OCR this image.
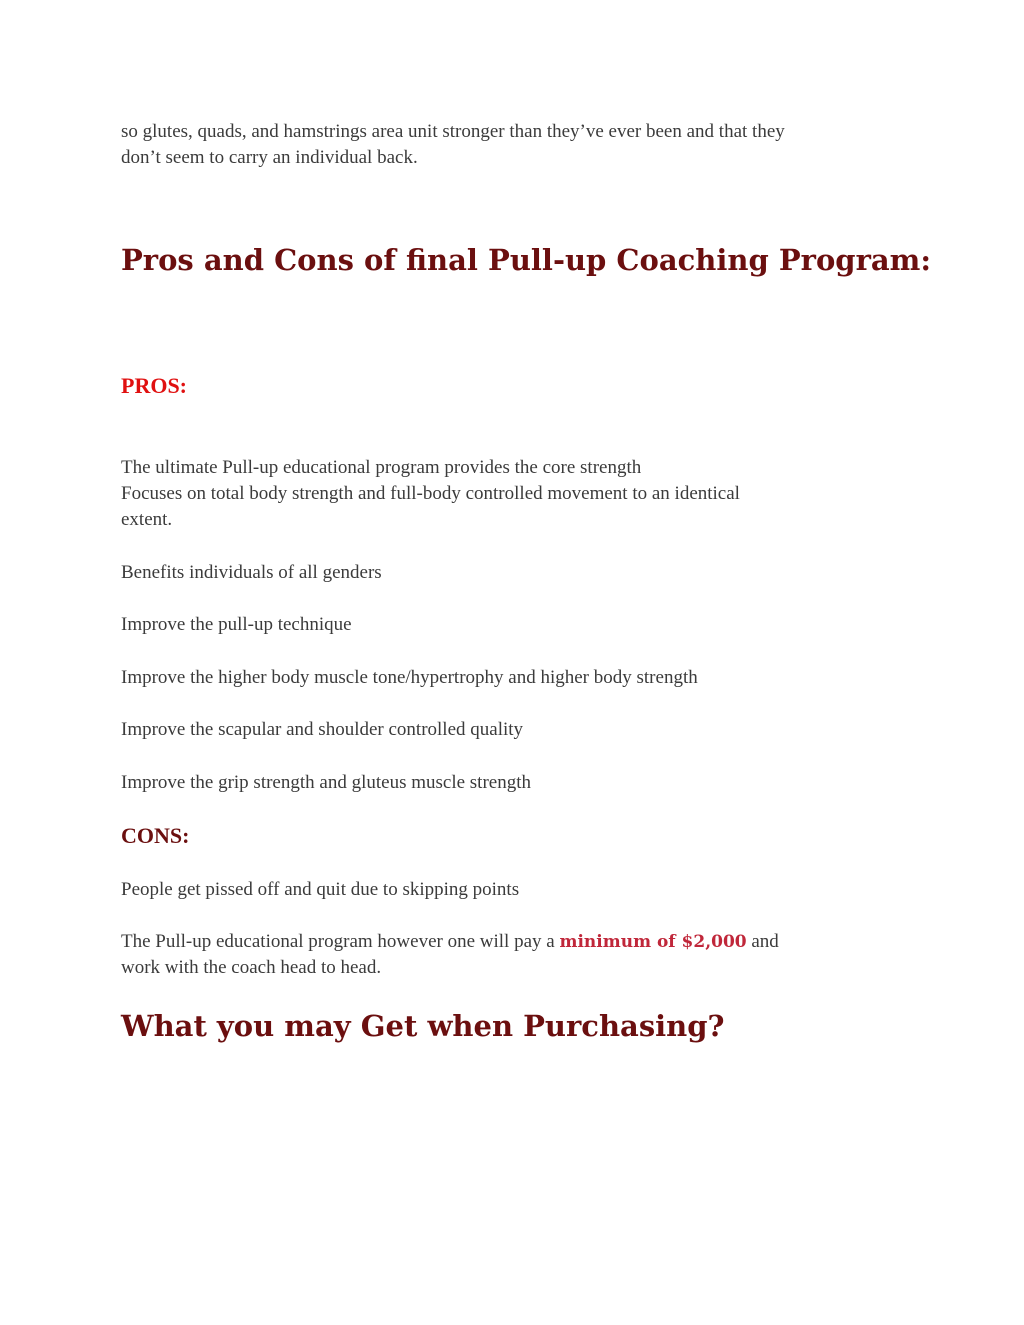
so glutes, quads, and hamstrings area unit stronger than they’ve ever been and that they

don’t seem to carry an individual back.

Pros and Cons of final Pull-up Coaching Program:
PROS:

The ultimate Pull-up educational program provides the core strength

Focuses on total body strength and full-body controlled movement to an identical

extent.

Benefits individuals of all genders

Improve the pull-up technique

Improve the higher body muscle tone/hypertrophy and higher body strength

Improve the scapular and shoulder controlled quality

Improve the grip strength and gluteus muscle strength

CONS:

People get pissed off and quit due to skipping points

The Pull-up educational program however one will pay a minimum of $2,000 and

work with the coach head to head.

What you may Get when Purchasing?
